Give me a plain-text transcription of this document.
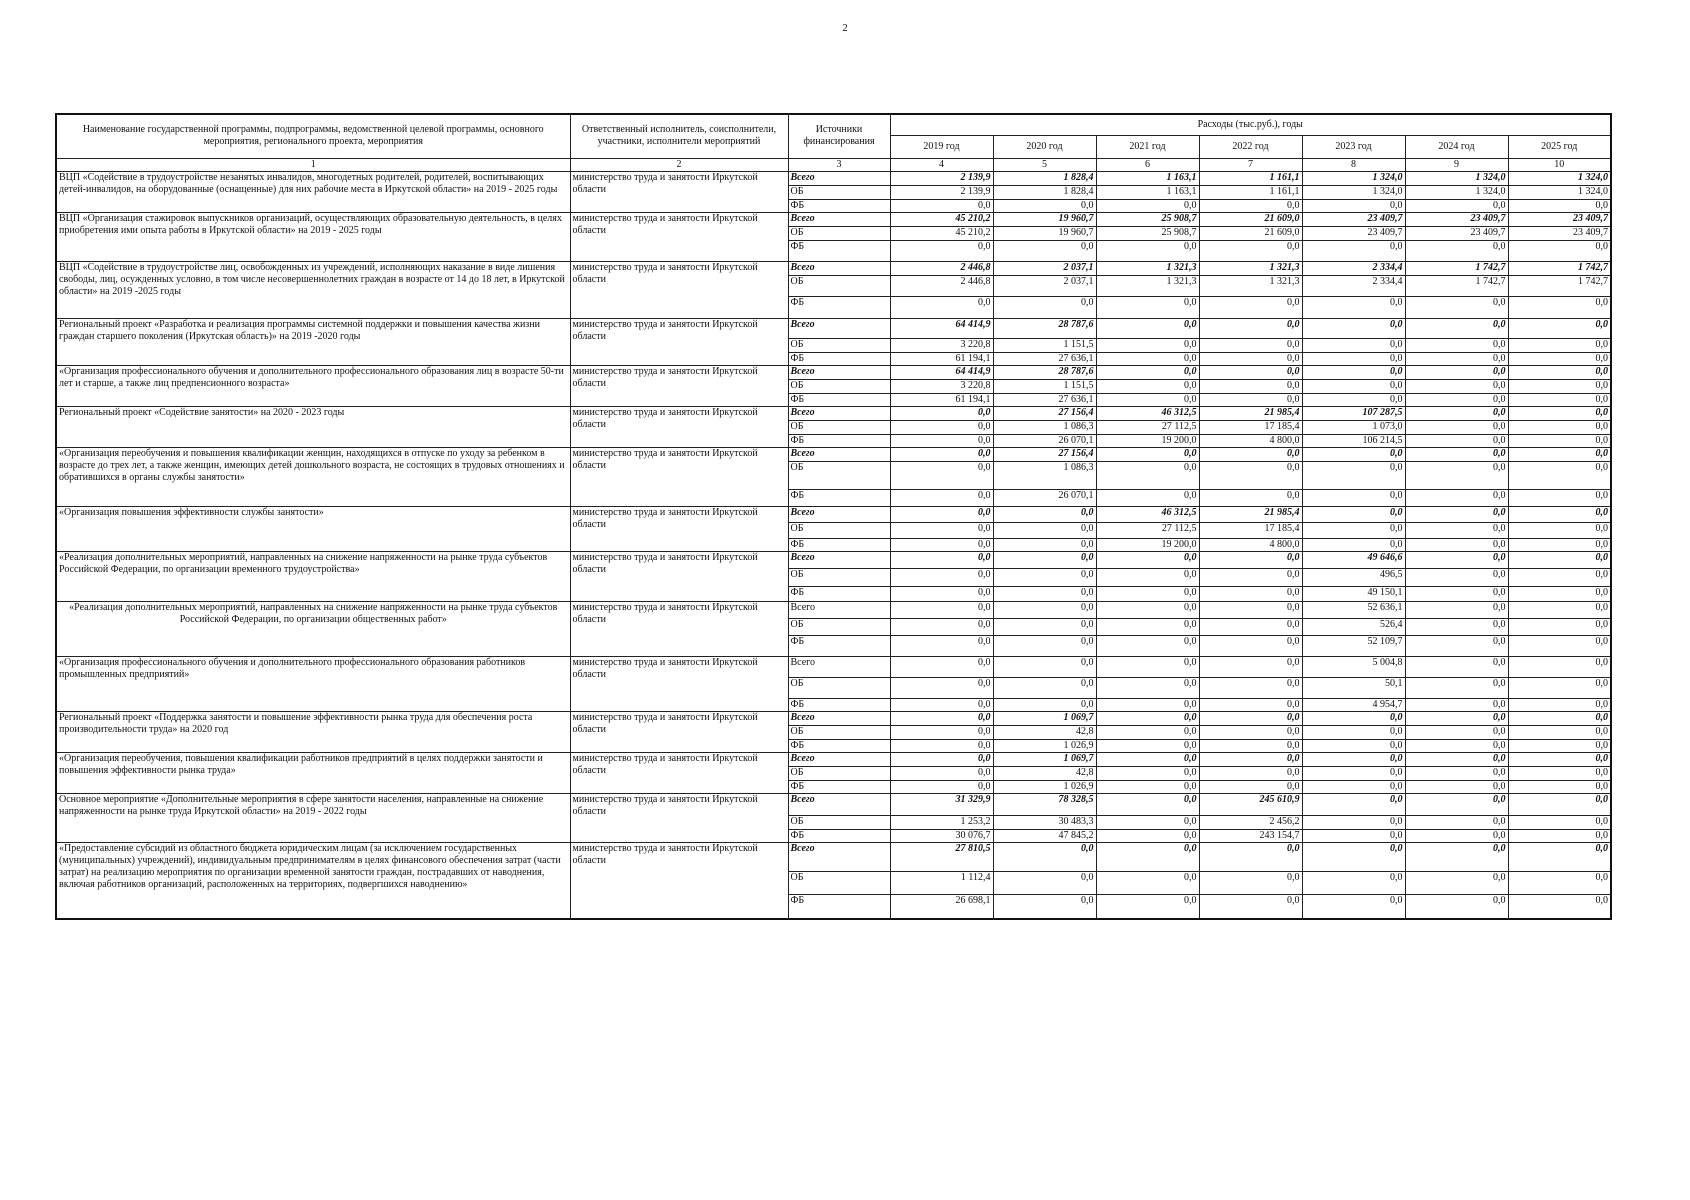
2
Наименование государственной программы, подпрограммы, ведомственной целевой программы, основного мероприятия, регионального проекта, мероприятия	Ответственный исполнитель, соисполнители, участники, исполнители мероприятий	Источники финансирования	Расходы (тыс.руб.), годы						
			2019 год	2020 год	2021 год	2022 год	2023 год	2024 год	2025 год
1	2	3	4	5	6	7	8	9	10
ВЦП «Содействие в трудоустройстве незанятых инвалидов, многодетных родителей, родителей, воспитывающих детей-инвалидов, на оборудованные (оснащенные) для них рабочие места в Иркутской области» на 2019 - 2025 годы	министерство труда и занятости Иркутской области	Всего	2 139,9	1 828,4	1 163,1	1 161,1	1 324,0	1 324,0	1 324,0
		ОБ	2 139,9	1 828,4	1 163,1	1 161,1	1 324,0	1 324,0	1 324,0
		ФБ	0,0	0,0	0,0	0,0	0,0	0,0	0,0
ВЦП «Организация стажировок выпускников организаций, осуществляющих образовательную деятельность, в целях приобретения ими опыта работы в Иркутской области» на 2019 - 2025 годы	министерство труда и занятости Иркутской области	Всего	45 210,2	19 960,7	25 908,7	21 609,0	23 409,7	23 409,7	23 409,7
		ОБ	45 210,2	19 960,7	25 908,7	21 609,0	23 409,7	23 409,7	23 409,7
		ФБ	0,0	0,0	0,0	0,0	0,0	0,0	0,0
ВЦП «Содействие в трудоустройстве лиц, освобожденных из учреждений, исполняющих наказание в виде лишения свободы, лиц, осужденных условно, в том числе несовершеннолетних граждан в возрасте от 14 до 18 лет, в Иркутской области» на 2019 -2025 годы	министерство труда и занятости Иркутской области	Всего	2 446,8	2 037,1	1 321,3	1 321,3	2 334,4	1 742,7	1 742,7
		ОБ	2 446,8	2 037,1	1 321,3	1 321,3	2 334,4	1 742,7	1 742,7
		ФБ	0,0	0,0	0,0	0,0	0,0	0,0	0,0
Региональный проект «Разработка и реализация программы системной поддержки и повышения качества жизни граждан старшего поколения (Иркутская область)» на 2019 -2020 годы	министерство труда и занятости Иркутской области	Всего	64 414,9	28 787,6	0,0	0,0	0,0	0,0	0,0
		ОБ	3 220,8	1 151,5	0,0	0,0	0,0	0,0	0,0
		ФБ	61 194,1	27 636,1	0,0	0,0	0,0	0,0	0,0
«Организация профессионального обучения и дополнительного профессионального образования лиц в возрасте 50-ти лет и старше, а также лиц предпенсионного возраста»	министерство труда и занятости Иркутской области	Всего	64 414,9	28 787,6	0,0	0,0	0,0	0,0	0,0
		ОБ	3 220,8	1 151,5	0,0	0,0	0,0	0,0	0,0
		ФБ	61 194,1	27 636,1	0,0	0,0	0,0	0,0	0,0
Региональный проект «Содействие занятости» на 2020 - 2023 годы	министерство труда и занятости Иркутской области	Всего	0,0	27 156,4	46 312,5	21 985,4	107 287,5	0,0	0,0
		ОБ	0,0	1 086,3	27 112,5	17 185,4	1 073,0	0,0	0,0
		ФБ	0,0	26 070,1	19 200,0	4 800,0	106 214,5	0,0	0,0
«Организация переобучения и повышения квалификации женщин, находящихся в отпуске по уходу за ребенком в возрасте до трех лет, а также женщин, имеющих детей дошкольного возраста, не состоящих в трудовых отношениях и обратившихся в органы службы занятости»	министерство труда и занятости Иркутской области	Всего	0,0	27 156,4	0,0	0,0	0,0	0,0	0,0
		ОБ	0,0	1 086,3	0,0	0,0	0,0	0,0	0,0
		ФБ	0,0	26 070,1	0,0	0,0	0,0	0,0	0,0
«Организация повышения эффективности службы занятости»	министерство труда и занятости Иркутской области	Всего	0,0	0,0	46 312,5	21 985,4	0,0	0,0	0,0
		ОБ	0,0	0,0	27 112,5	17 185,4	0,0	0,0	0,0
		ФБ	0,0	0,0	19 200,0	4 800,0	0,0	0,0	0,0
«Реализация дополнительных мероприятий, направленных на снижение напряженности на рынке труда субъектов Российской Федерации, по организации временного трудоустройства»	министерство труда и занятости Иркутской области	Всего	0,0	0,0	0,0	0,0	49 646,6	0,0	0,0
		ОБ	0,0	0,0	0,0	0,0	496,5	0,0	0,0
		ФБ	0,0	0,0	0,0	0,0	49 150,1	0,0	0,0
«Реализация дополнительных мероприятий, направленных на снижение напряженности на рынке труда субъектов Российской Федерации, по организации общественных работ»	министерство труда и занятости Иркутской области	Всего	0,0	0,0	0,0	0,0	52 636,1	0,0	0,0
		ОБ	0,0	0,0	0,0	0,0	526,4	0,0	0,0
		ФБ	0,0	0,0	0,0	0,0	52 109,7	0,0	0,0
«Организация профессионального обучения и дополнительного профессионального образования работников промышленных предприятий»	министерство труда и занятости Иркутской области	Всего	0,0	0,0	0,0	0,0	5 004,8	0,0	0,0
		ОБ	0,0	0,0	0,0	0,0	50,1	0,0	0,0
		ФБ	0,0	0,0	0,0	0,0	4 954,7	0,0	0,0
Региональный проект «Поддержка занятости и повышение эффективности рынка труда для обеспечения роста производительности труда» на 2020 год	министерство труда и занятости Иркутской области	Всего	0,0	1 069,7	0,0	0,0	0,0	0,0	0,0
		ОБ	0,0	42,8	0,0	0,0	0,0	0,0	0,0
		ФБ	0,0	1 026,9	0,0	0,0	0,0	0,0	0,0
«Организация переобучения, повышения квалификации работников предприятий в целях поддержки занятости и повышения эффективности рынка труда»	министерство труда и занятости Иркутской области	Всего	0,0	1 069,7	0,0	0,0	0,0	0,0	0,0
		ОБ	0,0	42,8	0,0	0,0	0,0	0,0	0,0
		ФБ	0,0	1 026,9	0,0	0,0	0,0	0,0	0,0
Основное мероприятие «Дополнительные мероприятия в сфере занятости населения, направленные на снижение напряженности на рынке труда Иркутской области» на 2019 - 2022 годы	министерство труда и занятости Иркутской области	Всего	31 329,9	78 328,5	0,0	245 610,9	0,0	0,0	0,0
		ОБ	1 253,2	30 483,3	0,0	2 456,2	0,0	0,0	0,0
		ФБ	30 076,7	47 845,2	0,0	243 154,7	0,0	0,0	0,0
«Предоставление субсидий из областного бюджета юридическим лицам (за исключением государственных (муниципальных) учреждений), индивидуальным предпринимателям в целях финансового обеспечения затрат (части затрат) на реализацию мероприятия по организации временной занятости граждан, пострадавших от наводнения, включая работников организаций, расположенных на территориях, подвергшихся наводнению»	министерство труда и занятости Иркутской области	Всего	27 810,5	0,0	0,0	0,0	0,0	0,0	0,0
		ОБ	1 112,4	0,0	0,0	0,0	0,0	0,0	0,0
		ФБ	26 698,1	0,0	0,0	0,0	0,0	0,0	0,0
